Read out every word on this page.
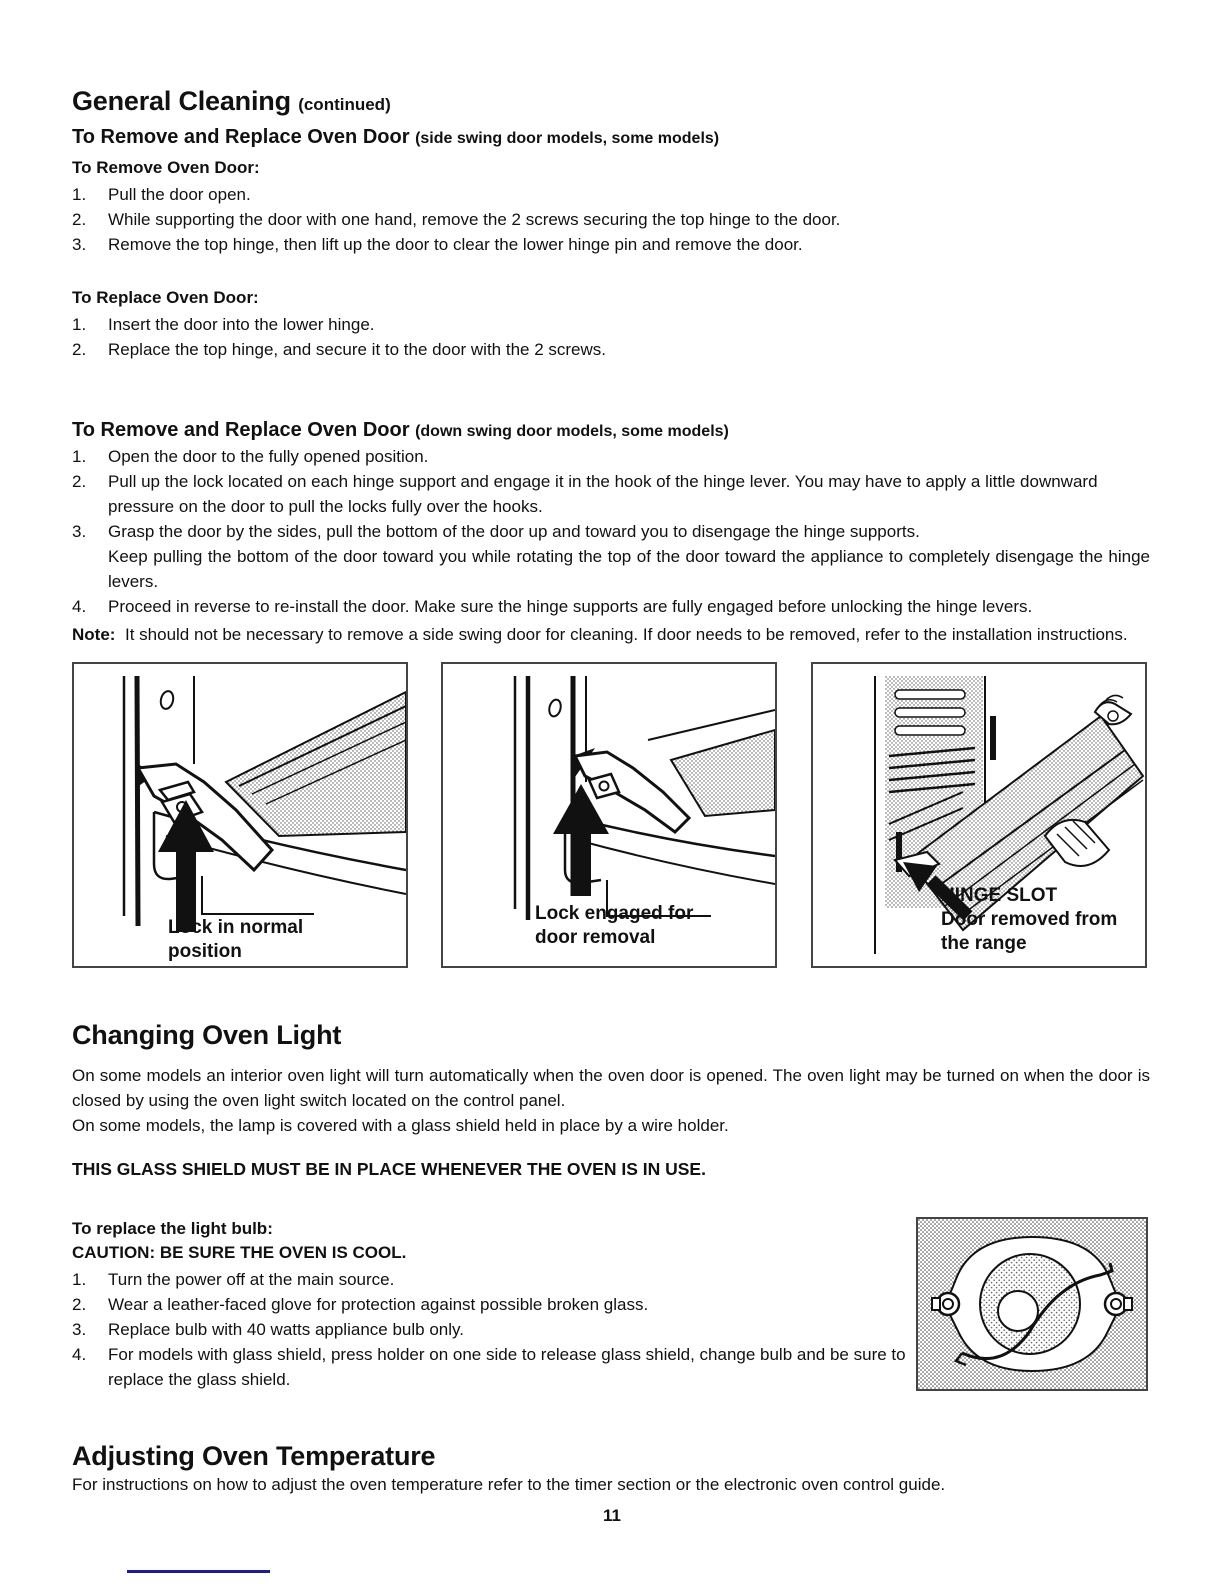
General Cleaning (continued)
To Remove and Replace Oven Door (side swing door models, some models)
To Remove Oven Door:
Pull the door open.
While supporting the door with one hand, remove the 2 screws securing the top hinge to the door.
Remove the top hinge, then lift up the door to clear the lower hinge pin and remove the door.
To Replace Oven Door:
Insert the door into the lower hinge.
Replace the top hinge, and secure it to the door with the 2 screws.
To Remove and Replace Oven Door (down swing door models, some models)
Open the door to the fully opened position.
Pull up the lock located on each hinge support and engage it in the hook of the hinge lever. You may have to apply a little downward pressure on the door to pull the locks fully over the hooks.
Grasp the door by the sides, pull the bottom of the door up and toward you to disengage the hinge supports.
Keep pulling the bottom of the door toward you while rotating the top of the door toward the appliance to completely disengage the hinge levers.
Proceed in reverse to re-install the door. Make sure the hinge supports are fully engaged before unlocking the hinge levers.
Note: It should not be necessary to remove a side swing door for cleaning. If door needs to be removed, refer to the installation instructions.
Lock in normal position
Lock engaged for door removal
HINGE SLOT
Door removed from the range
Changing Oven Light

On some models an interior oven light will turn automatically when the oven door is opened. The oven light may be turned on when the door is closed by using the oven light switch located on the control panel.

On some models, the lamp is covered with a glass shield held in place by a wire holder.

THIS GLASS SHIELD MUST BE IN PLACE WHENEVER THE OVEN IS IN USE.

To replace the light bulb:
CAUTION: BE SURE THE OVEN IS COOL.
Turn the power off at the main source.
Wear a leather-faced glove for protection against possible broken glass.
Replace bulb with 40 watts appliance bulb only.
For models with glass shield, press holder on one side to release glass shield, change bulb and be sure to replace the glass shield.
Adjusting Oven Temperature

For instructions on how to adjust the oven temperature refer to the timer section or the electronic oven control guide.

11
